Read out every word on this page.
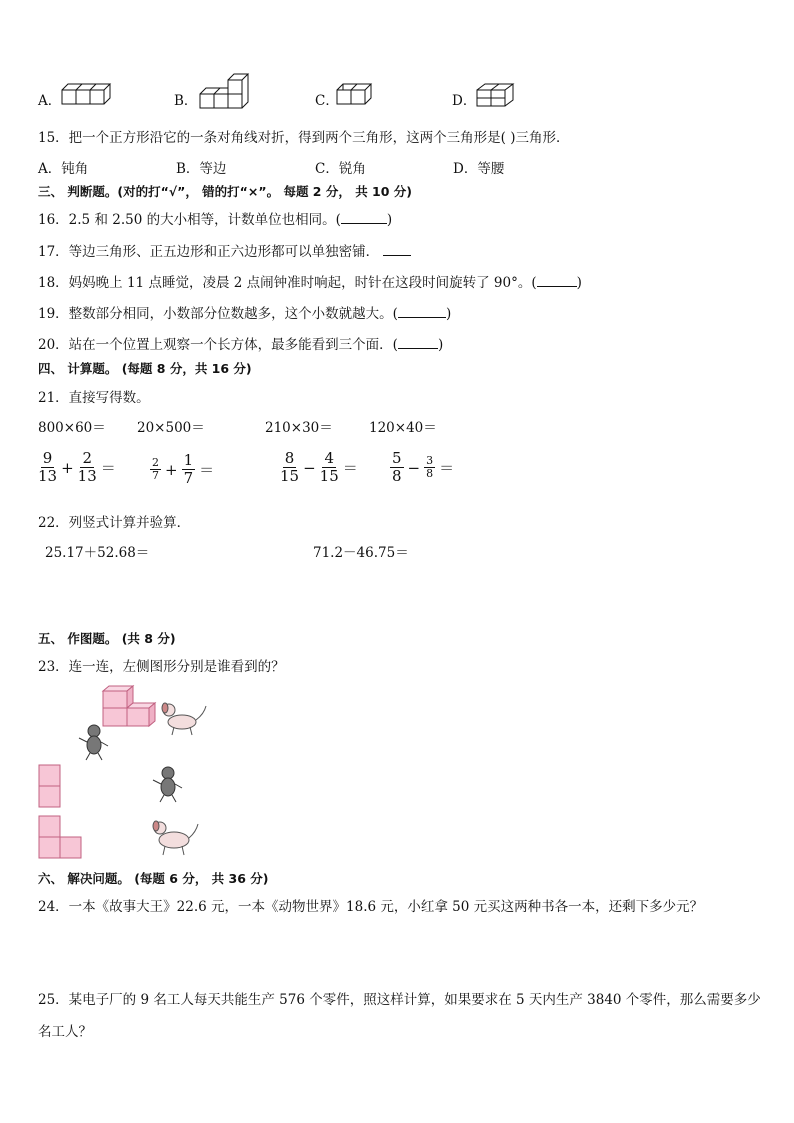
A．	B．	C．	D．
15．把一个正方形沿它的一条对角线对折，得到两个三角形，这两个三角形是( )三角形．
A．钝角	B．等边	C．锐角	D．等腰
三、 判断题。(对的打“√”， 错的打“×”。 每题 2 分， 共 10 分)
16．2.5 和 2.50 的大小相等，计数单位也相同。(	)
17．等边三角形、正五边形和正六边形都可以单独密铺．
18．妈妈晚上 11 点睡觉，凌晨 2 点闹钟准时响起，时针在这段时间旋转了 90°。(	)
19．整数部分相同，小数部分位数越多，这个小数就越大。(	)
20．站在一个位置上观察一个长方体，最多能看到三个面．(	)
四、 计算题。 (每题 8 分，共 16 分)
21．直接写得数。
800×60＝ 20×500＝	210×30＝	120×40＝
$\frac{9}{13} + \frac{2}{13}$ ＝	$\frac{2}{7} + \frac{1}{7}$ ＝	$\frac{8}{15} - \frac{4}{15} = \frac{5}{8} - \frac{3}{8}$ ＝
22．列竖式计算并验算．
25.17＋52.68＝	71.2－46.75＝
五、 作图题。 (共 8 分)
23．连一连，左侧图形分别是谁看到的？
六、 解决问题。 (每题 6 分， 共 36 分)
24．一本《故事大王》22.6 元，一本《动物世界》18.6 元，小红拿 50 元买这两种书各一本，还剩下多少元？
25．某电子厂的 9 名工人每天共能生产 576 个零件，照这样计算，如果要求在 5 天内生产 3840 个零件，那么需要多少
名工人？
